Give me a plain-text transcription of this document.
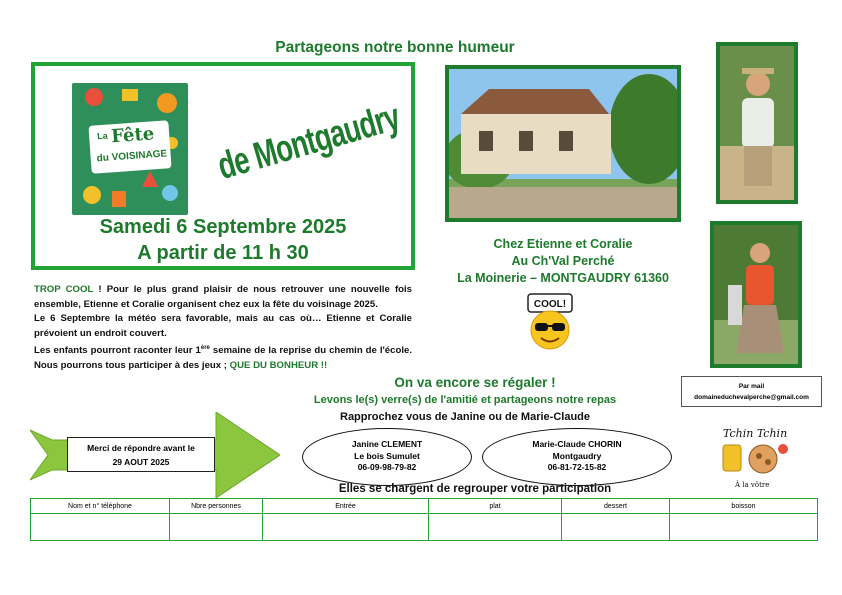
Partageons notre bonne humeur
La Fête
du VOISINAGE de Montgaudry
Samedi 6 Septembre 2025
A partir de 11 h 30	Chez Etienne et Coralie
Au Ch'Val Perché
La Moinerie – MONTGAUDRY 61360
TROP COOL ! Pour le plus grand plaisir de nous retrouver une nouvelle fois ensemble, Etienne et Coralie organisent chez eux la fête du voisinage 2025.
Le 6 Septembre la météo sera favorable, mais au cas où… Etienne et Coralie prévoient un endroit couvert.
Les enfants pourront raconter leur 1ère semaine de la reprise du chemin de l'école. Nous pourrons tous participer à des jeux ; QUE DU BONHEUR !!
COOL!
Par mail
domaineduchevalperche@gmail.com
On va encore se régaler !
Levons le(s) verre(s) de l'amitié et partageons notre repas
Rapprochez vous de Janine ou de Marie-Claude
Merci de répondre avant le
29 AOUT 2025
Janine CLEMENT
Le bois Sumulet
06-09-98-79-82
Marie-Claude CHORIN
Montgaudry
06-81-72-15-82
Tchin Tchin
À la vôtre
Elles se chargent de regrouper votre participation
Nom et n° téléphone	Nbre personnes	Entrée	plat	dessert	boisson
